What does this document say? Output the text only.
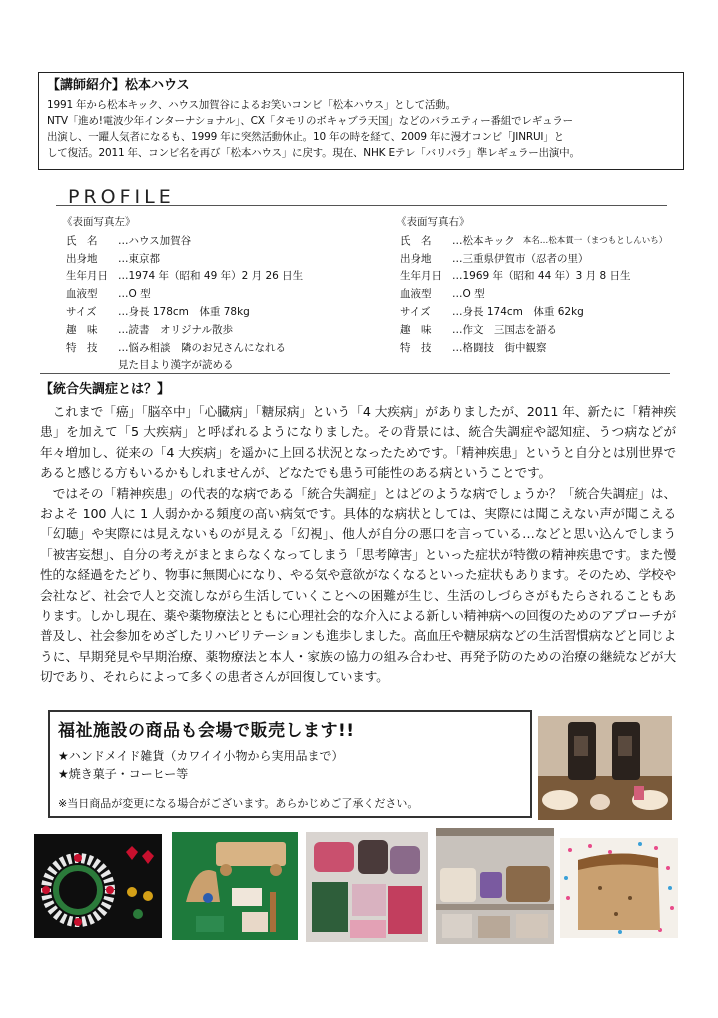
【講師紹介】松本ハウス

1991 年から松本キック、ハウス加賀谷によるお笑いコンビ「松本ハウス」として活動。

NTV「進め!電波少年インターナショナル」、CX「タモリのボキャブラ天国」などのバラエティー番組でレギュラー

出演し、一躍人気者になるも、1999 年に突然活動休止。10 年の時を経て、2009 年に漫才コンビ「JINRUI」と

して復活。2011 年、コンビ名を再び「松本ハウス」に戻す。現在、NHK Eテレ「バリバラ」準レギュラー出演中。

PROFILE
《表面写真左》
氏　名	…ハウス加賀谷
出身地	…東京都
生年月日 …1974 年（昭和 49 年）2 月 26 日生
血液型	…O 型
サイズ	…身長 178cm　体重 78kg
趣　味	…読書　オリジナル散歩
特　技	…悩み相談　隣のお兄さんになれる
見た目より漢字が読める
《表面写真右》
氏　名	…松本キック 本名…松本貫一（まつもとしんいち）
出身地	…三重県伊賀市（忍者の里）
生年月日 …1969 年（昭和 44 年）3 月 8 日生
血液型	…O 型
サイズ	…身長 174cm　体重 62kg
趣　味	…作文　三国志を語る
特　技	…格闘技　街中観察
【統合失調症とは？】

これまで「癌」「脳卒中」「心臓病」「糖尿病」という「4 大疾病」がありましたが、2011 年、新たに「精神疾患」を加えて「5 大疾病」と呼ばれるようになりました。その背景には、統合失調症や認知症、うつ病などが年々増加し、従来の「4 大疾病」を遥かに上回る状況となったためです。「精神疾患」というと自分とは別世界であると感じる方もいるかもしれませんが、どなたでも患う可能性のある病ということです。

ではその「精神疾患」の代表的な病である「統合失調症」とはどのような病でしょうか？「統合失調症」は、およそ 100 人に 1 人弱かかる頻度の高い病気です。具体的な病状としては、実際には聞こえない声が聞こえる「幻聴」や実際には見えないものが見える「幻視」、他人が自分の悪口を言っている…などと思い込んでしまう「被害妄想」、自分の考えがまとまらなくなってしまう「思考障害」といった症状が特徴の精神疾患です。また慢性的な経過をたどり、物事に無関心になり、やる気や意欲がなくなるといった症状もあります。そのため、学校や会社など、社会で人と交流しながら生活していくことへの困難が生じ、生活のしづらさがもたらされることもあります。しかし現在、薬や薬物療法とともに心理社会的な介入による新しい精神病への回復のためのアプローチが普及し、社会参加をめざしたリハビリテーションも進歩しました。高血圧や糖尿病などの生活習慣病などと同じように、早期発見や早期治療、薬物療法と本人・家族の協力の組み合わせ、再発予防のための治療の継続などが大切であり、それらによって多くの患者さんが回復しています。

福祉施設の商品も会場で販売します!!

★ハンドメイド雑貨（カワイイ小物から実用品まで）

★焼き菓子・コーヒー等

※当日商品が変更になる場合がございます。あらかじめご了承ください。
